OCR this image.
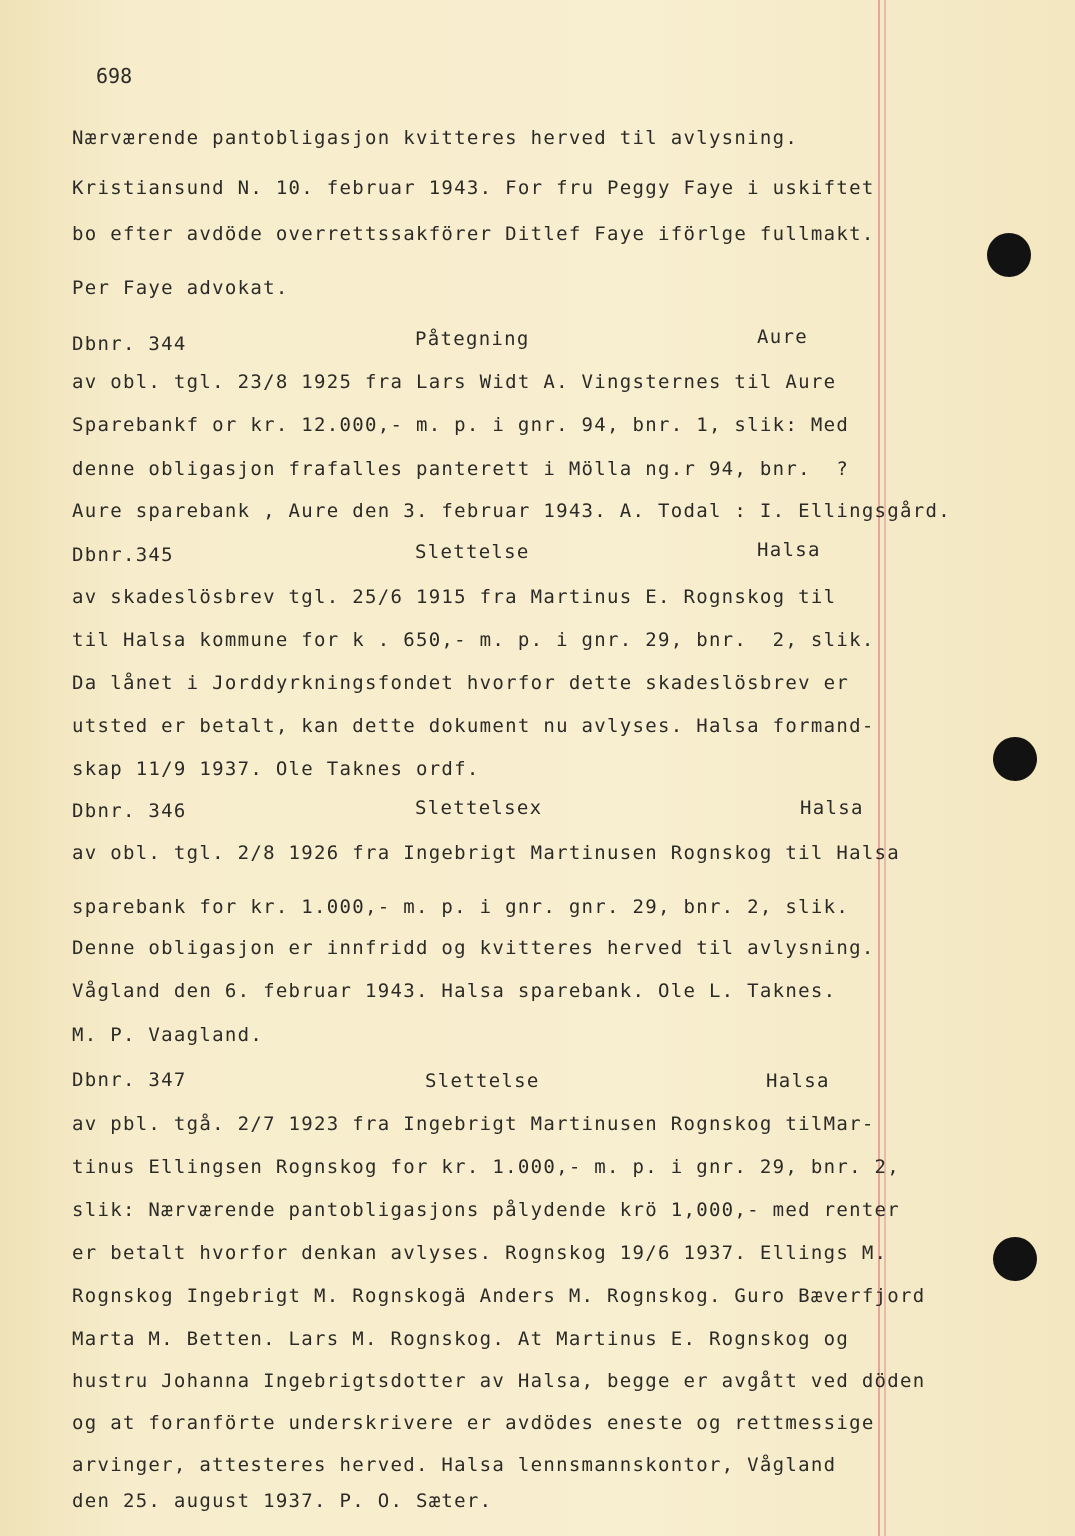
698
Nærværende pantobligasjon kvitteres herved til avlysning.
Kristiansund N. 10. februar 1943. For fru Peggy Faye i uskiftet
bo efter avdöde overrettssakförer Ditlef Faye iförlge fullmakt.
Per Faye advokat.
Dbnr. 344	Påtegning	Aure
av obl. tgl. 23/8 1925 fra Lars Widt A. Vingsternes til Aure
Sparebankf or kr. 12.000,- m. p. i gnr. 94, bnr. 1, slik: Med
denne obligasjon frafalles panterett i Mölla ng.r 94, bnr.  ?
Aure sparebank , Aure den 3. februar 1943. A. Todal : I. Ellingsgård.
Dbnr.345	Slettelse	Halsa
av skadeslösbrev tgl. 25/6 1915 fra Martinus E. Rognskog til
til Halsa kommune for k . 650,- m. p. i gnr. 29, bnr.  2, slik.
Da lånet i Jorddyrkningsfondet hvorfor dette skadeslösbrev er
utsted er betalt, kan dette dokument nu avlyses. Halsa formand-
skap 11/9 1937. Ole Taknes ordf.
Dbnr. 346	Slettelsex	Halsa
av obl. tgl. 2/8 1926 fra Ingebrigt Martinusen Rognskog til Halsa
sparebank for kr. 1.000,- m. p. i gnr. gnr. 29, bnr. 2, slik.
Denne obligasjon er innfridd og kvitteres herved til avlysning.
Vågland den 6. februar 1943. Halsa sparebank. Ole L. Taknes.
M. P. Vaagland.
Dbnr. 347	Slettelse	Halsa
av pbl. tgå. 2/7 1923 fra Ingebrigt Martinusen Rognskog tilMar-
tinus Ellingsen Rognskog for kr. 1.000,- m. p. i gnr. 29, bnr. 2,
slik: Nærværende pantobligasjons pålydende krö 1,000,- med renter
er betalt hvorfor denkan avlyses. Rognskog 19/6 1937. Ellings M.
Rognskog Ingebrigt M. Rognskogä Anders M. Rognskog. Guro Bæverfjord
Marta M. Betten. Lars M. Rognskog. At Martinus E. Rognskog og
hustru Johanna Ingebrigtsdotter av Halsa, begge er avgått ved döden
og at foranförte underskrivere er avdödes eneste og rettmessige
arvinger, attesteres herved. Halsa lennsmannskontor, Vågland
den 25. august 1937. P. O. Sæter.
